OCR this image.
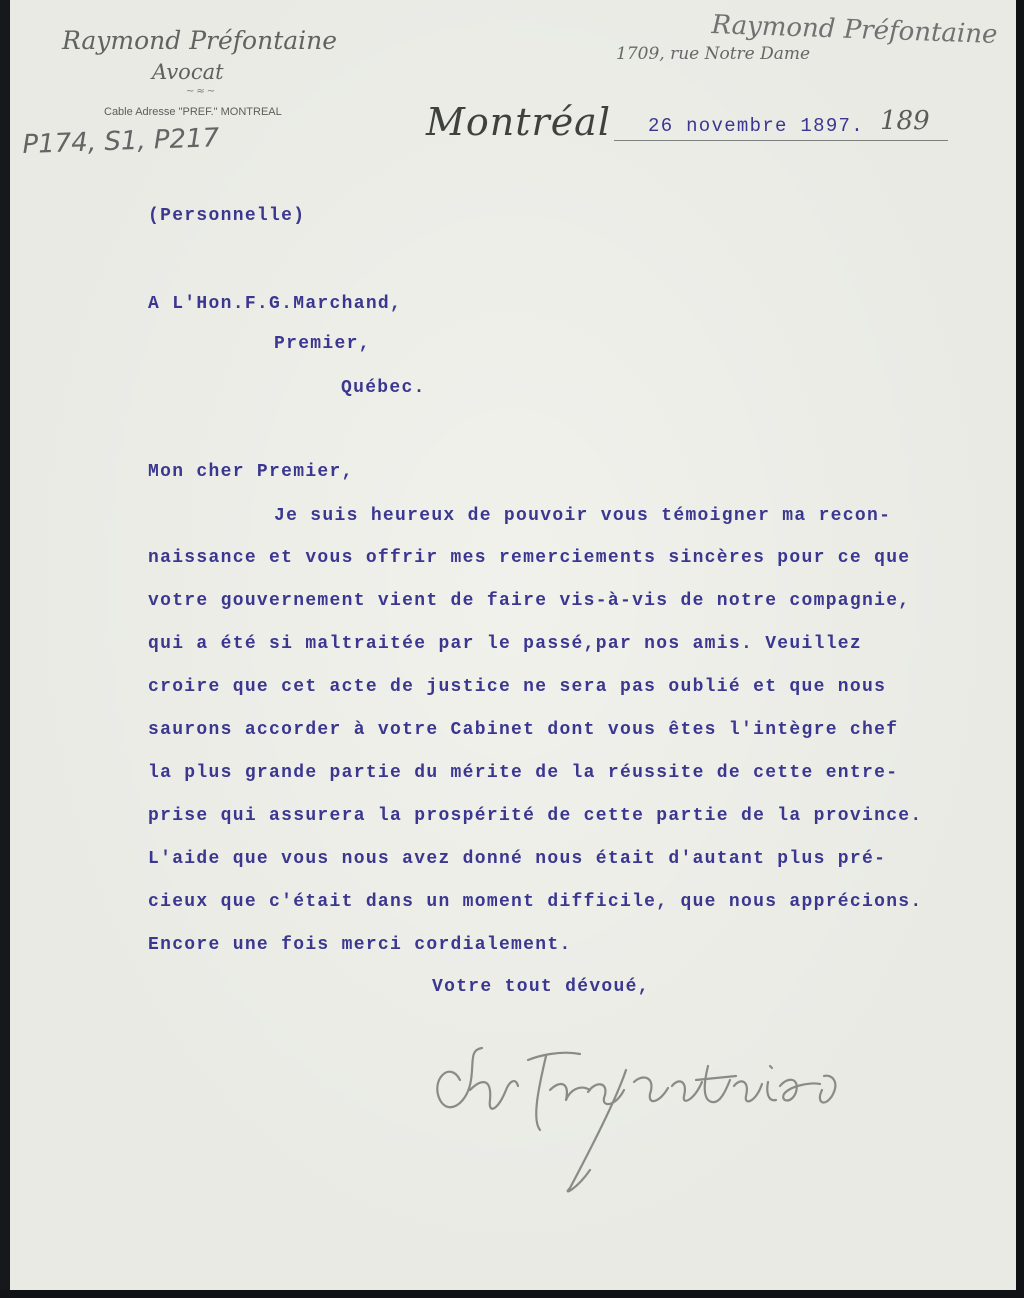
Raymond Préfontaine
Avocat
~≈~
Cable Adresse "PREF." MONTREAL
1709, rue Notre Dame
Montréal 26 novembre 1897. 189
Raymond Préfontaine
P174, S1, P217
(Personnelle)
A L'Hon.F.G.Marchand,
Premier,
Québec.
Mon cher Premier,
Je suis heureux de pouvoir vous témoigner ma recon-
naissance et vous offrir mes remerciements sincères pour ce que
votre gouvernement vient de faire vis-à-vis de notre compagnie,
qui a été si maltraitée par le passé,par nos amis. Veuillez
croire que cet acte de justice ne sera pas oublié et que nous
saurons accorder à votre Cabinet dont vous êtes l'intègre chef
la plus grande partie du mérite de la réussite de cette entre-
prise qui assurera la prospérité de cette partie de la province.
L'aide que vous nous avez donné nous était d'autant plus pré-
cieux que c'était dans un moment difficile, que nous apprécions.
Encore une fois merci cordialement.
Votre tout dévoué,
